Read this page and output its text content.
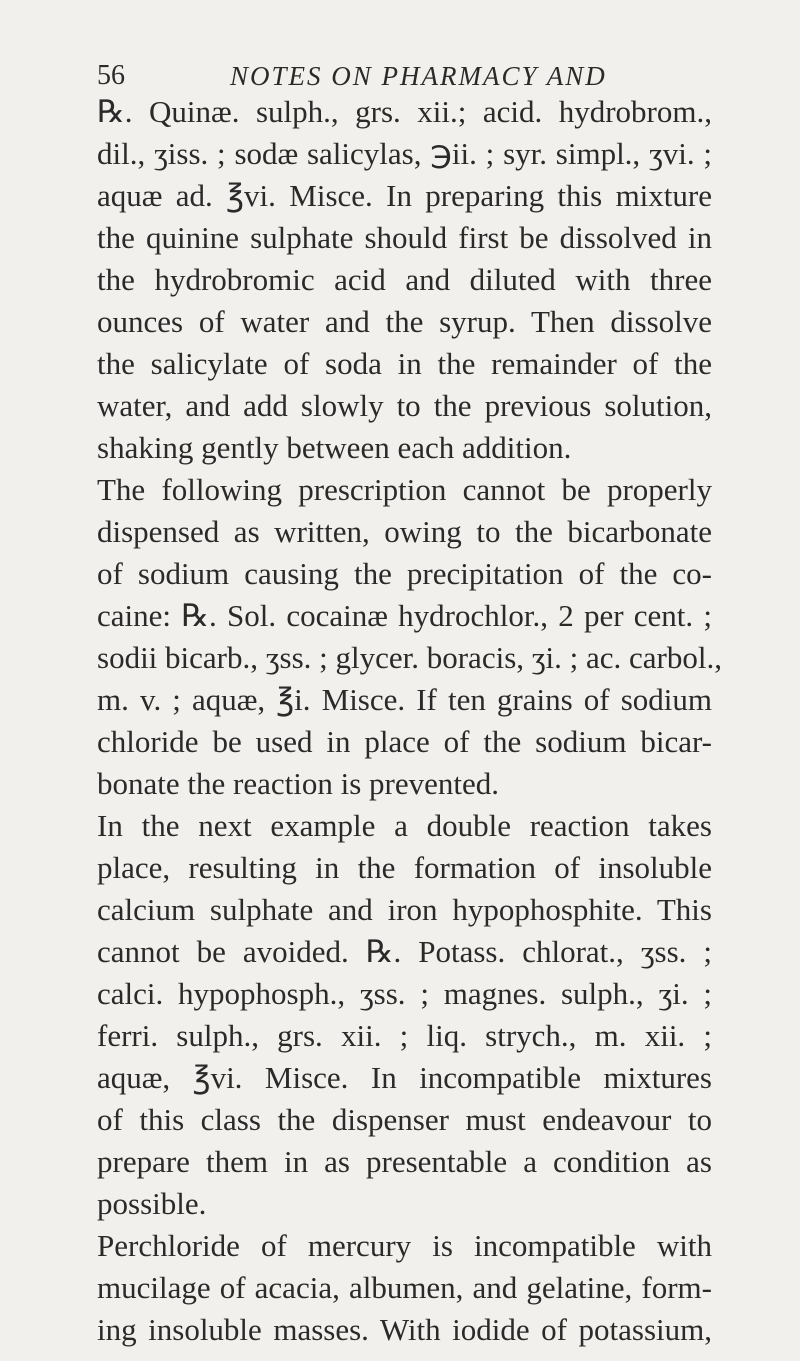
56	NOTES ON PHARMACY AND
℞. Quinæ. sulph., grs. xii.; acid. hydrobrom.,
dil., ʒiss. ; sodæ salicylas, ℈ii. ; syr. simpl., ʒvi. ;
aquæ ad. ℥vi. Misce. In preparing this mixture
the quinine sulphate should first be dissolved in
the hydrobromic acid and diluted with three
ounces of water and the syrup. Then dissolve
the salicylate of soda in the remainder of the
water, and add slowly to the previous solution,
shaking gently between each addition.
The following prescription cannot be properly
dispensed as written, owing to the bicarbonate
of sodium causing the precipitation of the co-
caine: ℞. Sol. cocainæ hydrochlor., 2 per cent. ;
sodii bicarb., ʒss. ; glycer. boracis, ʒi. ; ac. carbol.,
m. v. ; aquæ, ℥i. Misce. If ten grains of sodium
chloride be used in place of the sodium bicar-
bonate the reaction is prevented.
In the next example a double reaction takes
place, resulting in the formation of insoluble
calcium sulphate and iron hypophosphite. This
cannot be avoided. ℞. Potass. chlorat., ʒss. ;
calci. hypophosph., ʒss. ; magnes. sulph., ʒi. ;
ferri. sulph., grs. xii. ; liq. strych., m. xii. ;
aquæ, ℥vi. Misce. In incompatible mixtures
of this class the dispenser must endeavour to
prepare them in as presentable a condition as
possible.
Perchloride of mercury is incompatible with
mucilage of acacia, albumen, and gelatine, form-
ing insoluble masses. With iodide of potassium,
